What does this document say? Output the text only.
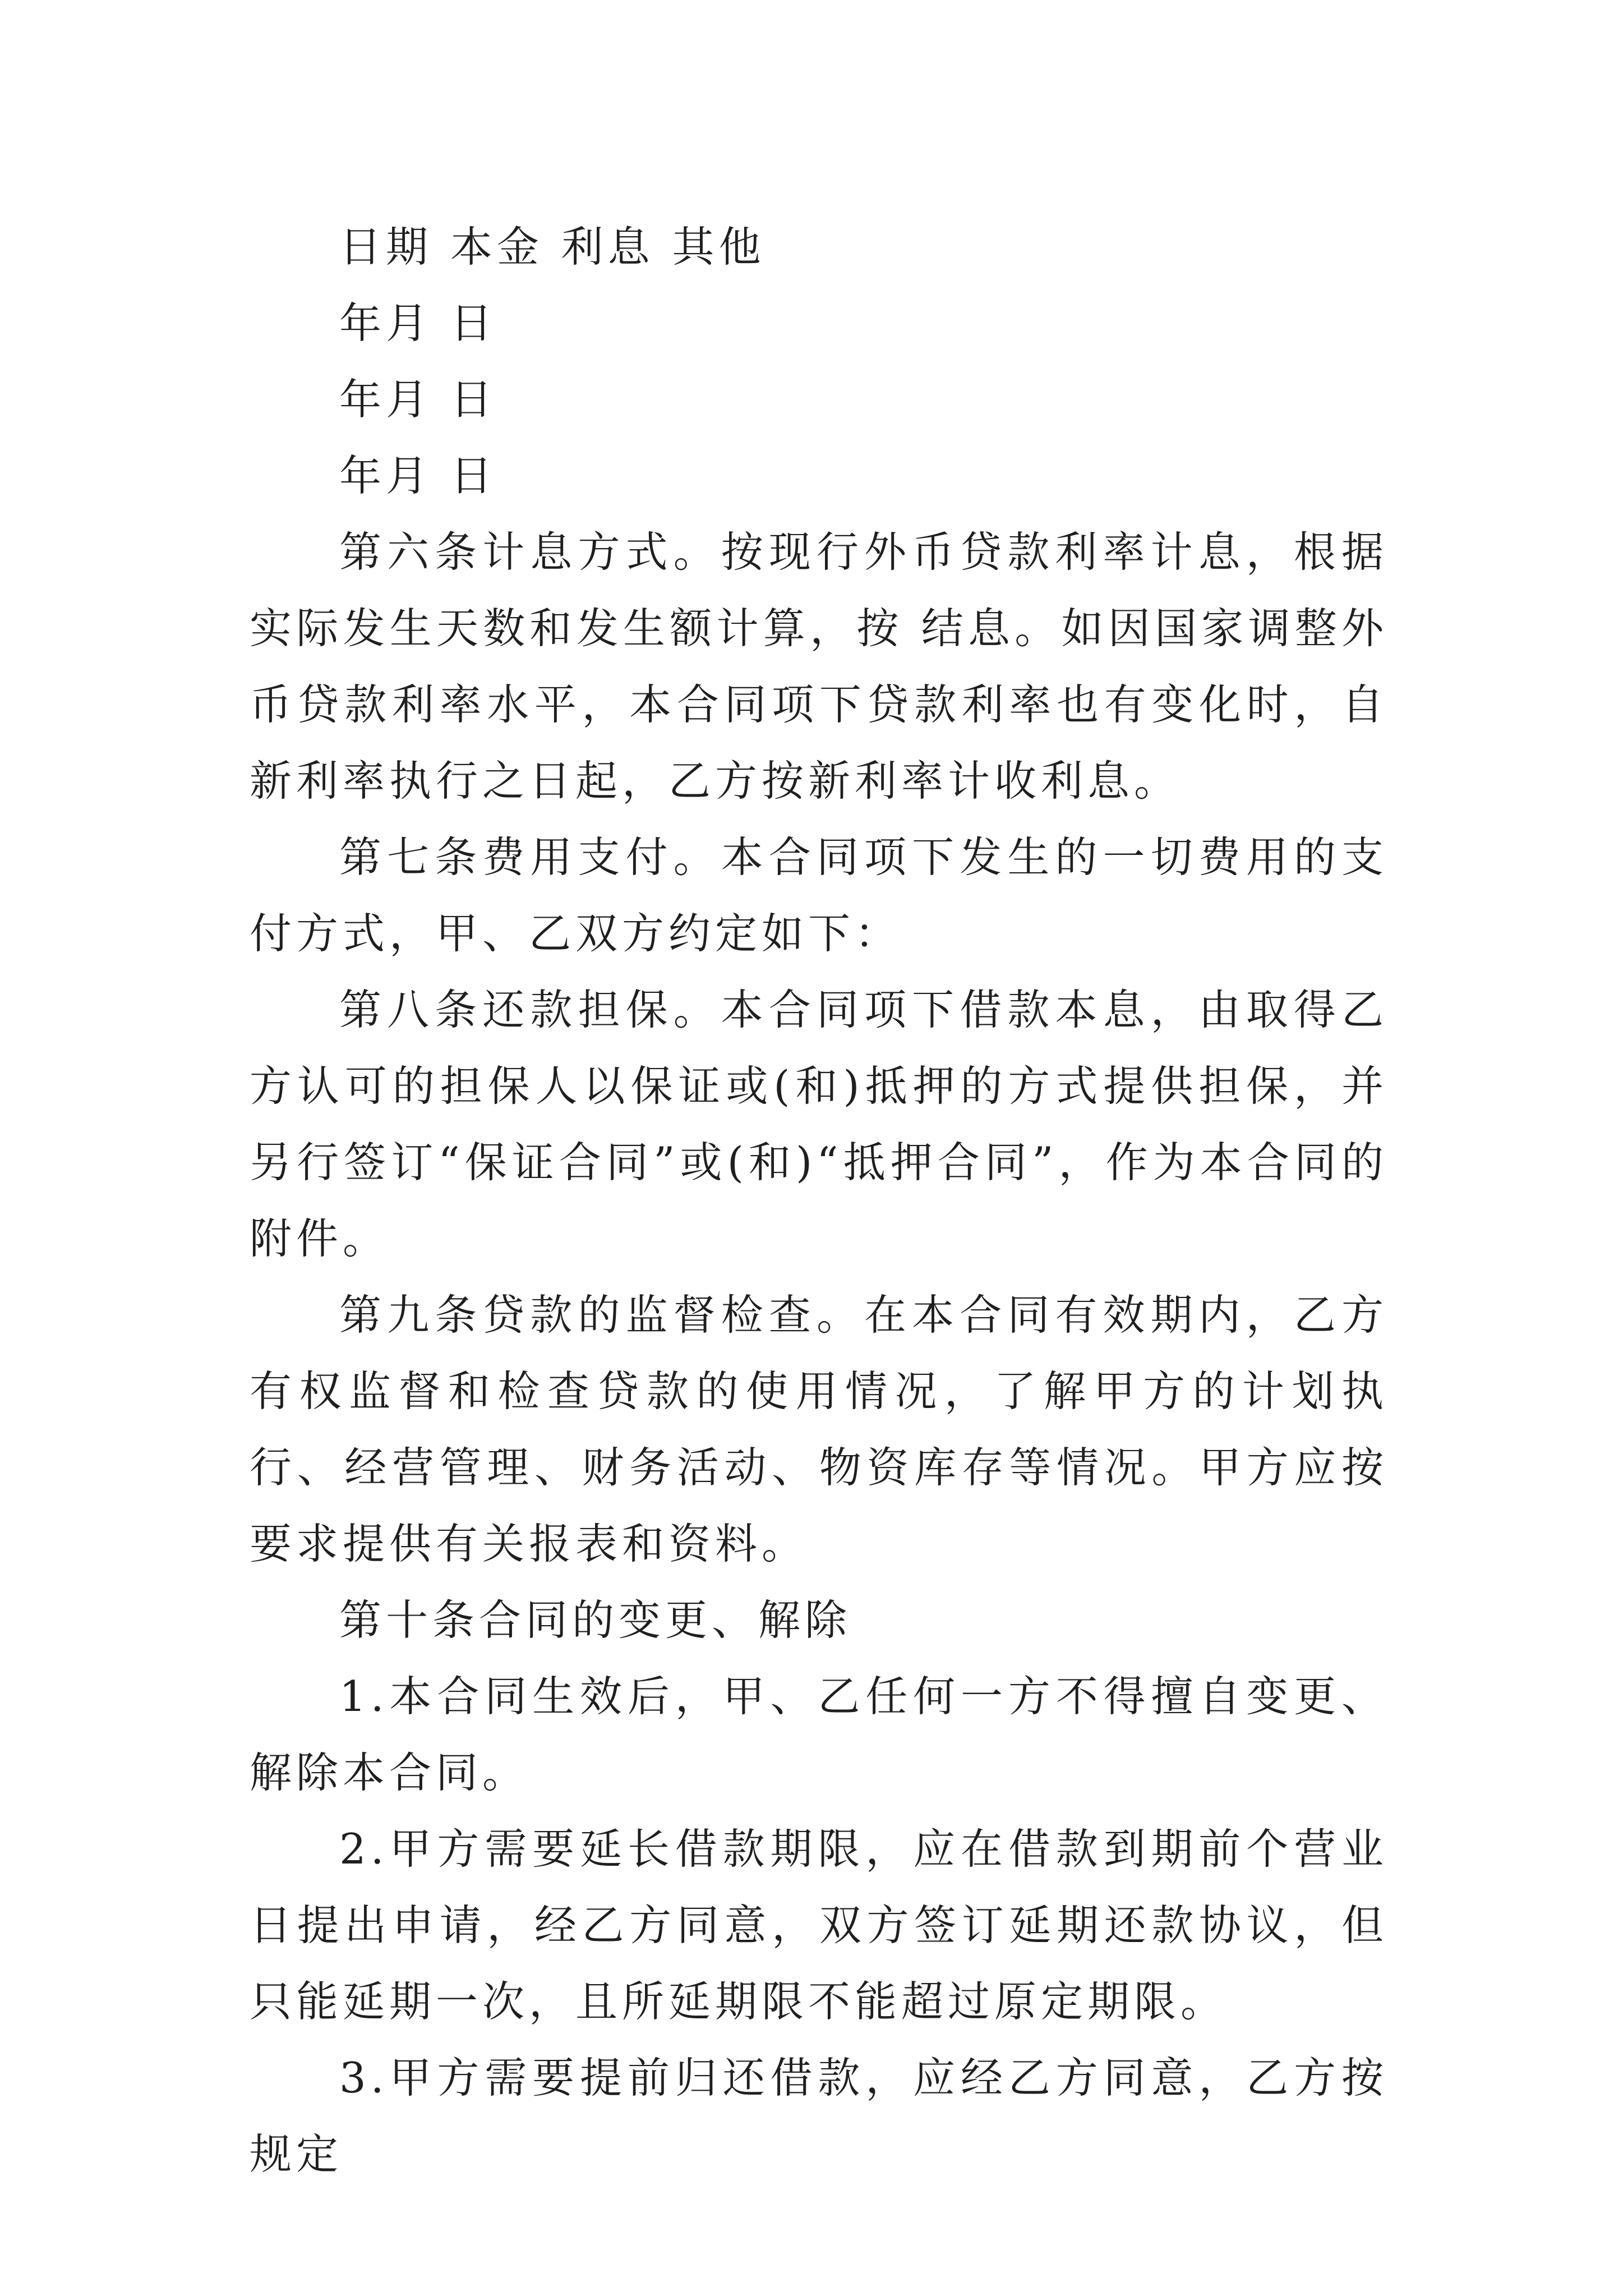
日期 本金 利息 其他
年月 日
年月 日
年月 日

第六条计息方式。按现行外币贷款利率计息，根据实际发生天数和发生额计算，按 结息。如因国家调整外币贷款利率水平，本合同项下贷款利率也有变化时，自新利率执行之日起，乙方按新利率计收利息。

第七条费用支付。本合同项下发生的一切费用的支付方式，甲、乙双方约定如下：

第八条还款担保。本合同项下借款本息，由取得乙方认可的担保人以保证或(和)抵押的方式提供担保，并另行签订“保证合同”或(和)“抵押合同”，作为本合同的附件。

第九条贷款的监督检查。在本合同有效期内，乙方有权监督和检查贷款的使用情况，了解甲方的计划执行、经营管理、财务活动、物资库存等情况。甲方应按要求提供有关报表和资料。

第十条合同的变更、解除

1.本合同生效后，甲、乙任何一方不得擅自变更、解除本合同。

2.甲方需要延长借款期限，应在借款到期前个营业日提出申请，经乙方同意，双方签订延期还款协议，但只能延期一次，且所延期限不能超过原定期限。

3.甲方需要提前归还借款，应经乙方同意，乙方按规定
